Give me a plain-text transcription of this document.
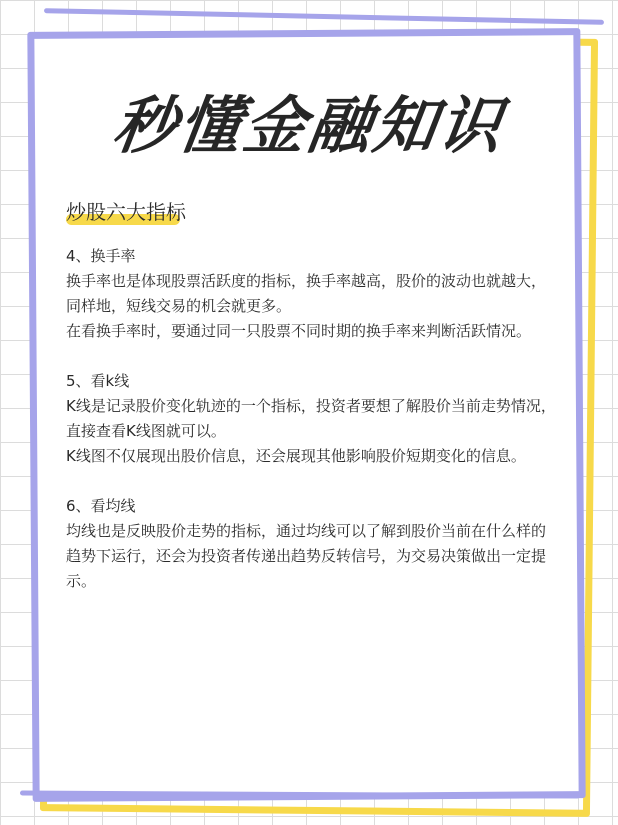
秒懂金融知识
炒股六大指标

4、换手率

换手率也是体现股票活跃度的指标，换手率越高，股价的波动也就越大，同样地，短线交易的机会就更多。

在看换手率时，要通过同一只股票不同时期的换手率来判断活跃情况。

5、看k线

K线是记录股价变化轨迹的一个指标，投资者要想了解股价当前走势情况，直接查看K线图就可以。

K线图不仅展现出股价信息，还会展现其他影响股价短期变化的信息。

6、看均线

均线也是反映股价走势的指标，通过均线可以了解到股价当前在什么样的趋势下运行，还会为投资者传递出趋势反转信号，为交易决策做出一定提示。
